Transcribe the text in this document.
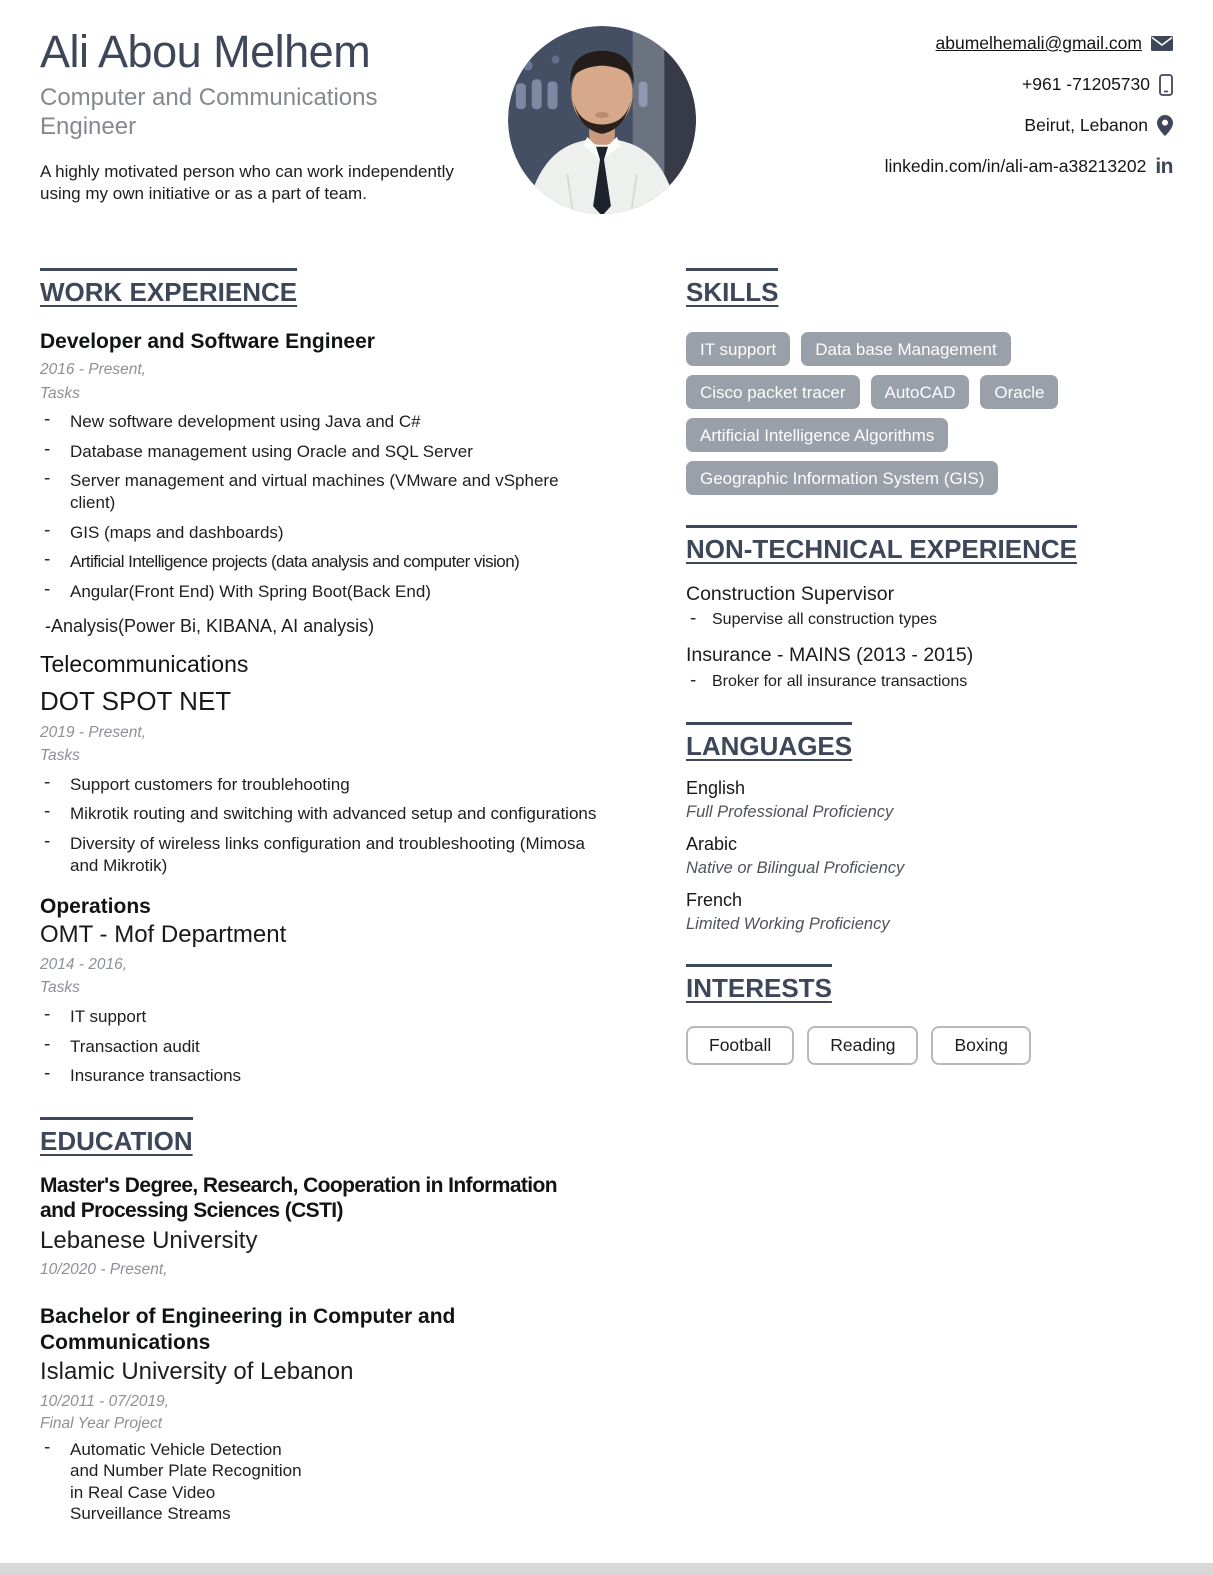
Ali Abou Melhem
Computer and Communications Engineer

A highly motivated person who can work independently using my own initiative or as a part of team.

abumelhemali@gmail.com
+961 -71205730
Beirut, Lebanon
linkedin.com/in/ali-am-a38213202 in
WORK EXPERIENCE
Developer and Software Engineer
2016 - Present,
Tasks
- New software development using Java and C#
- Database management using Oracle and SQL Server
- Server management and virtual machines (VMware and vSphere client)
- GIS (maps and dashboards)
- Artificial Intelligence projects (data analysis and computer vision)
- Angular(Front End) With Spring Boot(Back End)
-Analysis(Power Bi, KIBANA, AI analysis)
Telecommunications
DOT SPOT NET
2019 - Present,
Tasks
- Support customers for troublehooting
- Mikrotik routing and switching with advanced setup and configurations
- Diversity of wireless links configuration and troubleshooting (Mimosa and Mikrotik)
Operations
OMT - Mof Department
2014 - 2016,
Tasks
- IT support
- Transaction audit
- Insurance transactions
EDUCATION
Master's Degree, Research, Cooperation in Information and Processing Sciences (CSTI)
Lebanese University
10/2020 - Present,
Bachelor of Engineering in Computer and Communications
Islamic University of Lebanon
10/2011 - 07/2019,
Final Year Project
- Automatic Vehicle Detection and Number Plate Recognition in Real Case Video Surveillance Streams
SKILLS
IT support	Data base Management
Cisco packet tracer	AutoCAD	Oracle
Artificial Intelligence Algorithms
Geographic Information System (GIS)
NON-TECHNICAL EXPERIENCE
Construction Supervisor
- Supervise all construction types
Insurance - MAINS (2013 - 2015)
- Broker for all insurance transactions
LANGUAGES
English
Full Professional Proficiency
Arabic
Native or Bilingual Proficiency
French
Limited Working Proficiency
INTERESTS
Football	Reading	Boxing
